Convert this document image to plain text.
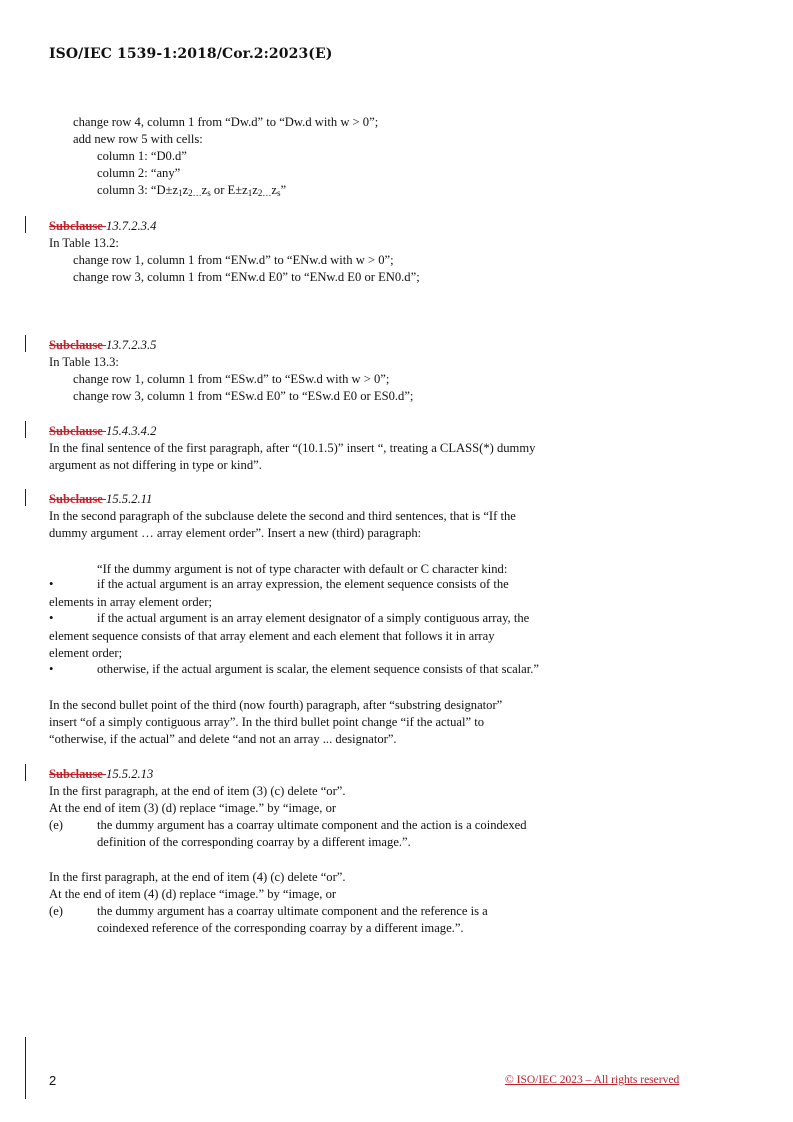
ISO/IEC 1539-1:2018/Cor.2:2023(E)
change row 4, column 1 from “Dw.d” to “Dw.d with w > 0”;
add new row 5 with cells:
column 1: “D0.d”
column 2: “any”
column 3: “$D\pm z_1z_{2\dots}z_s$ or $E\pm z_1z_{2\dots}z_s$”
Subclause 13.7.2.3.4
In Table 13.2:
change row 1, column 1 from “ENw.d” to “ENw.d with w > 0”;
change row 3, column 1 from “ENw.d E0” to “ENw.d E0 or EN0.d”;
Subclause 13.7.2.3.5
In Table 13.3:
change row 1, column 1 from “ESw.d” to “ESw.d with w > 0”;
change row 3, column 1 from “ESw.d E0” to “ESw.d E0 or ES0.d”;
Subclause 15.4.3.4.2
In the final sentence of the first paragraph, after “(10.1.5)” insert “, treating a CLASS(*) dummy
argument as not differing in type or kind”.
Subclause 15.5.2.11
In the second paragraph of the subclause delete the second and third sentences, that is “If the
dummy argument … array element order”. Insert a new (third) paragraph:
“If the dummy argument is not of type character with default or C character kind:
•	if the actual argument is an array expression, the element sequence consists of the
elements in array element order;
•	if the actual argument is an array element designator of a simply contiguous array, the
element sequence consists of that array element and each element that follows it in array
element order;
•	otherwise, if the actual argument is scalar, the element sequence consists of that scalar.”
In the second bullet point of the third (now fourth) paragraph, after “substring designator”
insert “of a simply contiguous array”. In the third bullet point change “if the actual” to
“otherwise, if the actual” and delete “and not an array ... designator”.
Subclause 15.5.2.13
In the first paragraph, at the end of item (3) (c) delete “or”.
At the end of item (3) (d) replace “image.” by “image, or
(e)	the dummy argument has a coarray ultimate component and the action is a coindexed
definition of the corresponding coarray by a different image.”.
In the first paragraph, at the end of item (4) (c) delete “or”.
At the end of item (4) (d) replace “image.” by “image, or
(e)	the dummy argument has a coarray ultimate component and the reference is a
coindexed reference of the corresponding coarray by a different image.”.
2	© ISO/IEC 2023 – All rights reserved
